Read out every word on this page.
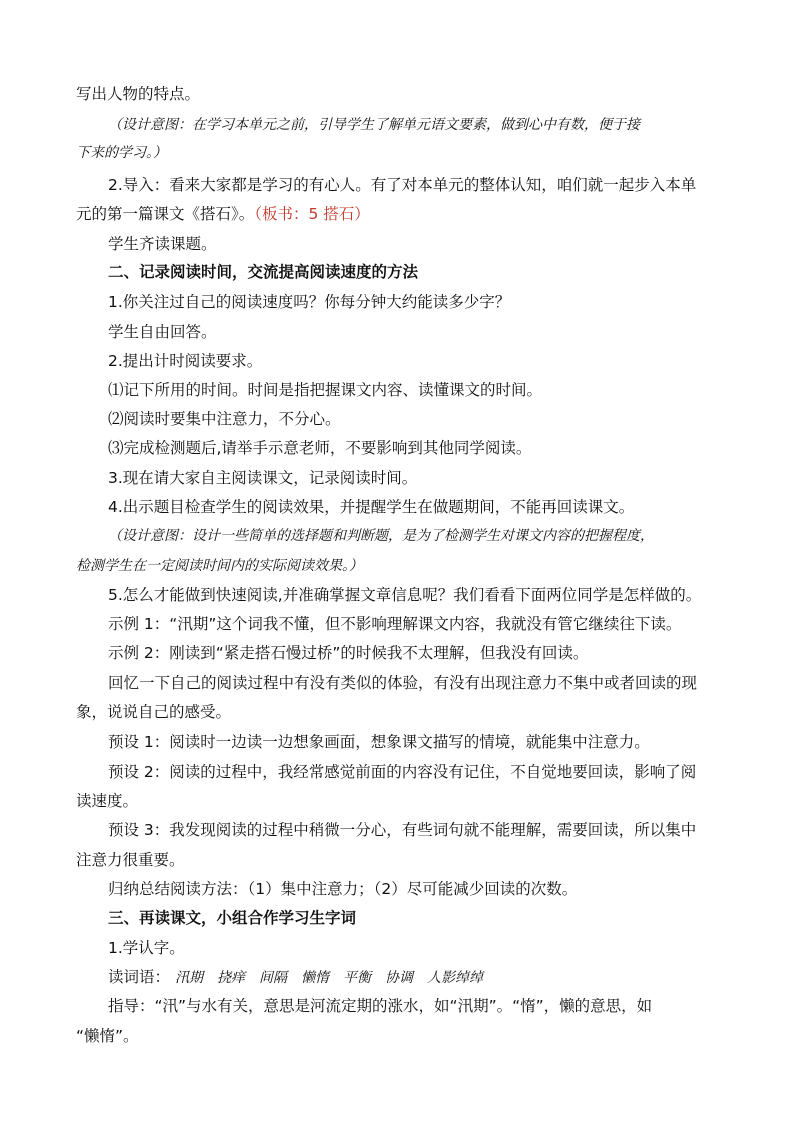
写出人物的特点。
（设计意图：在学习本单元之前，引导学生了解单元语文要素，做到心中有数，便于接
下来的学习。）
2.导入：看来大家都是学习的有心人。有了对本单元的整体认知，咱们就一起步入本单
元的第一篇课文《搭石》。（板书：5 搭石）
学生齐读课题。
二、记录阅读时间，交流提高阅读速度的方法
1.你关注过自己的阅读速度吗？你每分钟大约能读多少字？
学生自由回答。
2.提出计时阅读要求。
⑴记下所用的时间。时间是指把握课文内容、读懂课文的时间。
⑵阅读时要集中注意力，不分心。
⑶完成检测题后,请举手示意老师，不要影响到其他同学阅读。
3.现在请大家自主阅读课文，记录阅读时间。
4.出示题目检查学生的阅读效果，并提醒学生在做题期间，不能再回读课文。
（设计意图：设计一些简单的选择题和判断题，是为了检测学生对课文内容的把握程度，
检测学生在一定阅读时间内的实际阅读效果。）
5.怎么才能做到快速阅读,并准确掌握文章信息呢？我们看看下面两位同学是怎样做的。
示例 1：“汛期”这个词我不懂，但不影响理解课文内容，我就没有管它继续往下读。
示例 2：刚读到“紧走搭石慢过桥”的时候我不太理解，但我没有回读。
回忆一下自己的阅读过程中有没有类似的体验，有没有出现注意力不集中或者回读的现
象，说说自己的感受。
预设 1：阅读时一边读一边想象画面，想象课文描写的情境，就能集中注意力。
预设 2：阅读的过程中，我经常感觉前面的内容没有记住，不自觉地要回读，影响了阅
读速度。
预设 3：我发现阅读的过程中稍微一分心，有些词句就不能理解，需要回读，所以集中
注意力很重要。
归纳总结阅读方法：（1）集中注意力；（2）尽可能减少回读的次数。
三、再读课文，小组合作学习生字词
1.学认字。
读词语： 汛期 挠痒 间隔 懒惰 平衡 协调 人影绰绰
指导：“汛”与水有关，意思是河流定期的涨水，如“汛期”。“惰”，懒的意思，如
“懒惰”。
